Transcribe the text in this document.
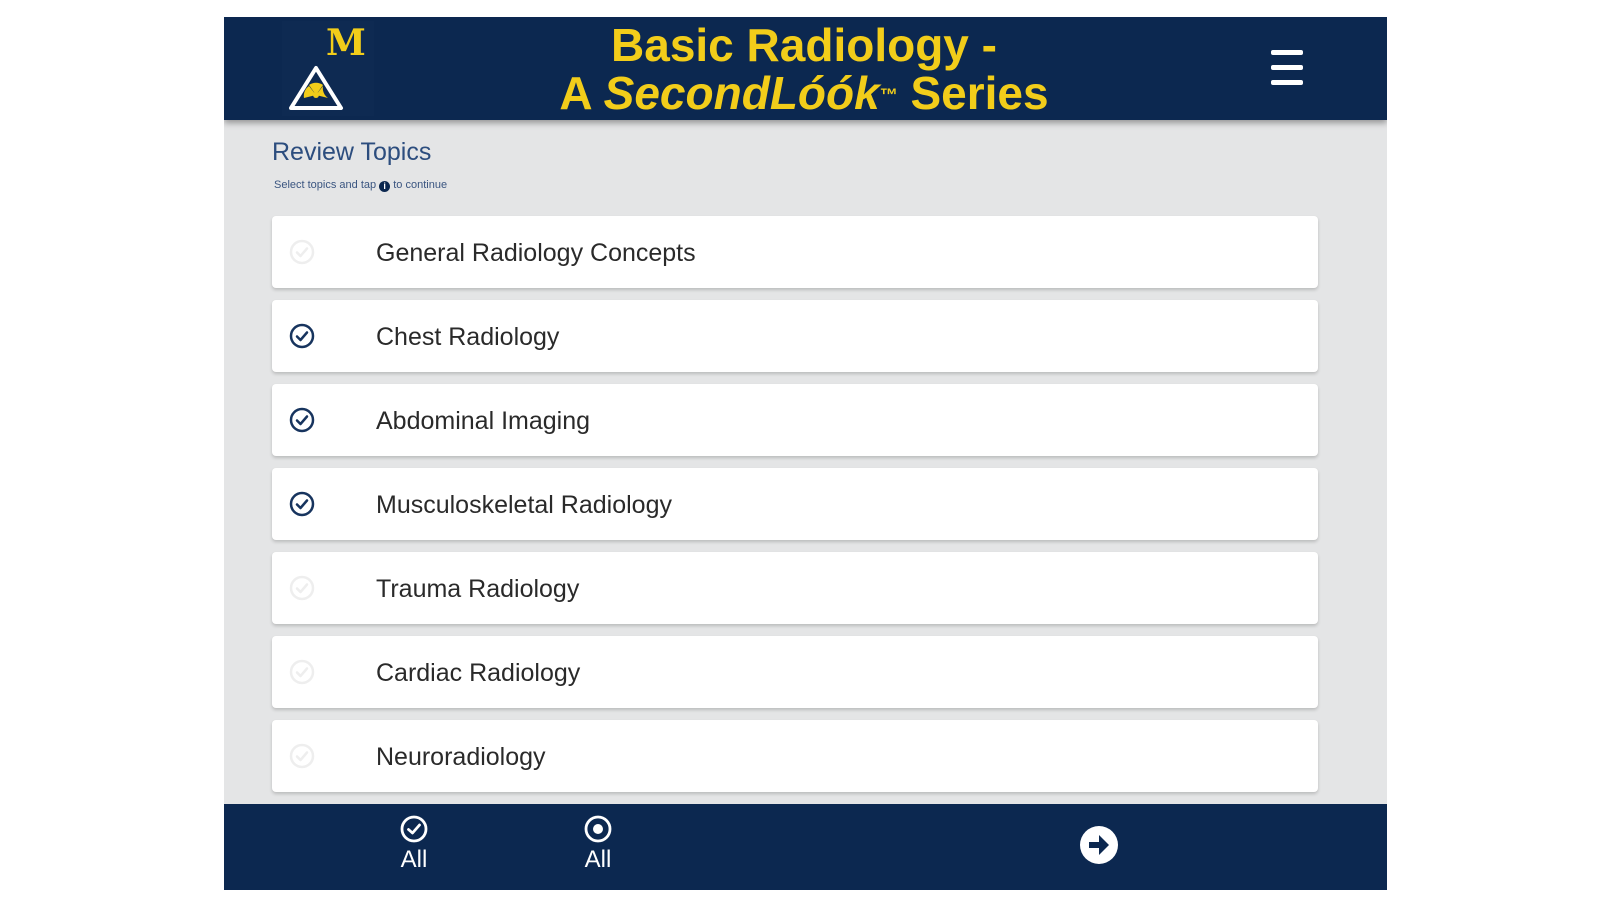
M	Basic Radiology -
A SecondLóók™ Series
Review Topics
Select topics and tap i to continue
General Radiology Concepts
Chest Radiology
Abdominal Imaging
Musculoskeletal Radiology
Trauma Radiology
Cardiac Radiology
Neuroradiology
All	All
